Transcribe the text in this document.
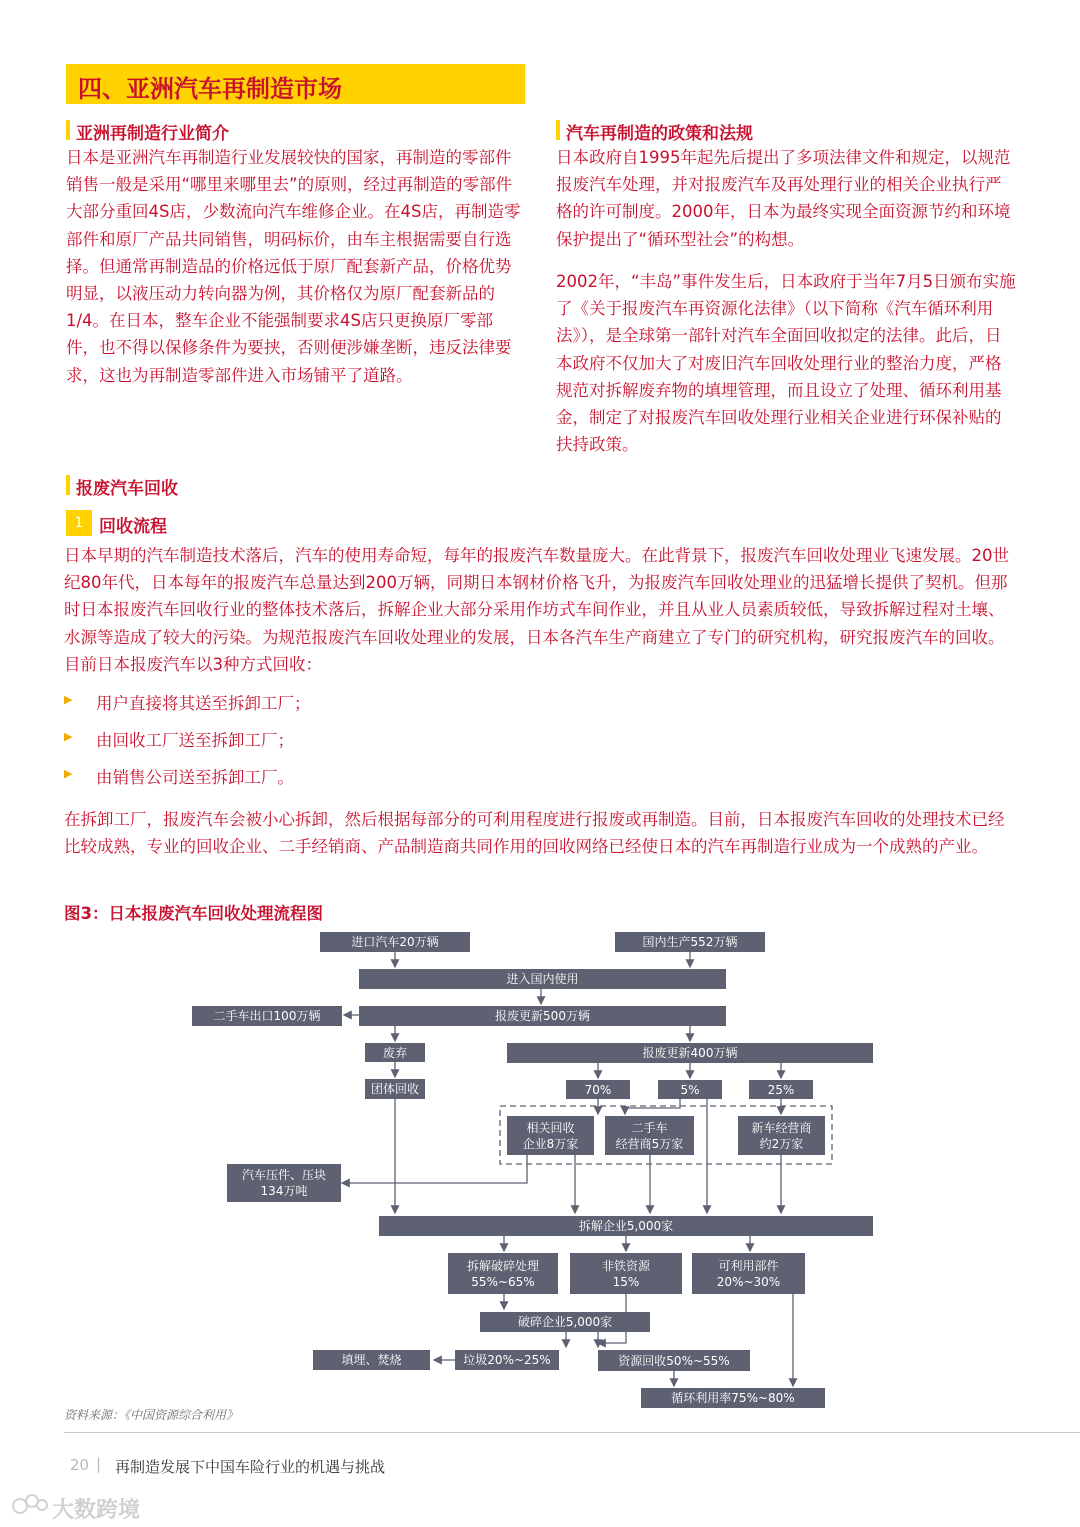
四、亚洲汽车再制造市场
亚洲再制造行业简介
日本是亚洲汽车再制造行业发展较快的国家，再制造的零部件销售一般是采用“哪里来哪里去”的原则，经过再制造的零部件大部分重回4S店，少数流向汽车维修企业。在4S店，再制造零部件和原厂产品共同销售，明码标价，由车主根据需要自行选择。但通常再制造品的价格远低于原厂配套新产品，价格优势明显，以液压动力转向器为例，其价格仅为原厂配套新品的1/4。在日本，整车企业不能强制要求4S店只更换原厂零部件，也不得以保修条件为要挟，否则便涉嫌垄断，违反法律要求，这也为再制造零部件进入市场铺平了道路。
汽车再制造的政策和法规
日本政府自1995年起先后提出了多项法律文件和规定，以规范报废汽车处理，并对报废汽车及再处理行业的相关企业执行严格的许可制度。2000年，日本为最终实现全面资源节约和环境保护提出了“循环型社会”的构想。
2002年，“丰岛”事件发生后，日本政府于当年7月5日颁布实施了《关于报废汽车再资源化法律》（以下简称《汽车循环利用法》），是全球第一部针对汽车全面回收拟定的法律。此后，日本政府不仅加大了对废旧汽车回收处理行业的整治力度，严格规范对拆解废弃物的填埋管理，而且设立了处理、循环利用基金，制定了对报废汽车回收处理行业相关企业进行环保补贴的扶持政策。
报废汽车回收
1 回收流程
日本早期的汽车制造技术落后，汽车的使用寿命短，每年的报废汽车数量庞大。在此背景下，报废汽车回收处理业飞速发展。20世纪80年代，日本每年的报废汽车总量达到200万辆，同期日本钢材价格飞升，为报废汽车回收处理业的迅猛增长提供了契机。但那时日本报废汽车回收行业的整体技术落后，拆解企业大部分采用作坊式车间作业，并且从业人员素质较低，导致拆解过程对土壤、水源等造成了较大的污染。为规范报废汽车回收处理业的发展，日本各汽车生产商建立了专门的研究机构，研究报废汽车的回收。目前日本报废汽车以3种方式回收：
▶ 用户直接将其送至拆卸工厂；
▶ 由回收工厂送至拆卸工厂；
▶ 由销售公司送至拆卸工厂。
在拆卸工厂，报废汽车会被小心拆卸，然后根据每部分的可利用程度进行报废或再制造。目前，日本报废汽车回收的处理技术已经比较成熟，专业的回收企业、二手经销商、产品制造商共同作用的回收网络已经使日本的汽车再制造行业成为一个成熟的产业。
图3：日本报废汽车回收处理流程图
进口汽车20万辆	国内生产552万辆
进入国内使用
二手车出口100万辆	报废更新500万辆
废弃	报废更新400万辆
团体回收	70%	5%	25%
相关回收
企业8万家
二手车
经营商5万家
新车经营商
约2万家
汽车压件、压块
134万吨
拆解企业5,000家
拆解破碎处理
55%~65%
非铁资源
15%
可利用部件
20%~30%
破碎企业5,000家
填埋、焚烧	垃圾20%~25%	资源回收50%~55%
循环利用率75%~80%
资料来源：《中国资源综合利用》
20 | 再制造发展下中国车险行业的机遇与挑战
大数跨境
